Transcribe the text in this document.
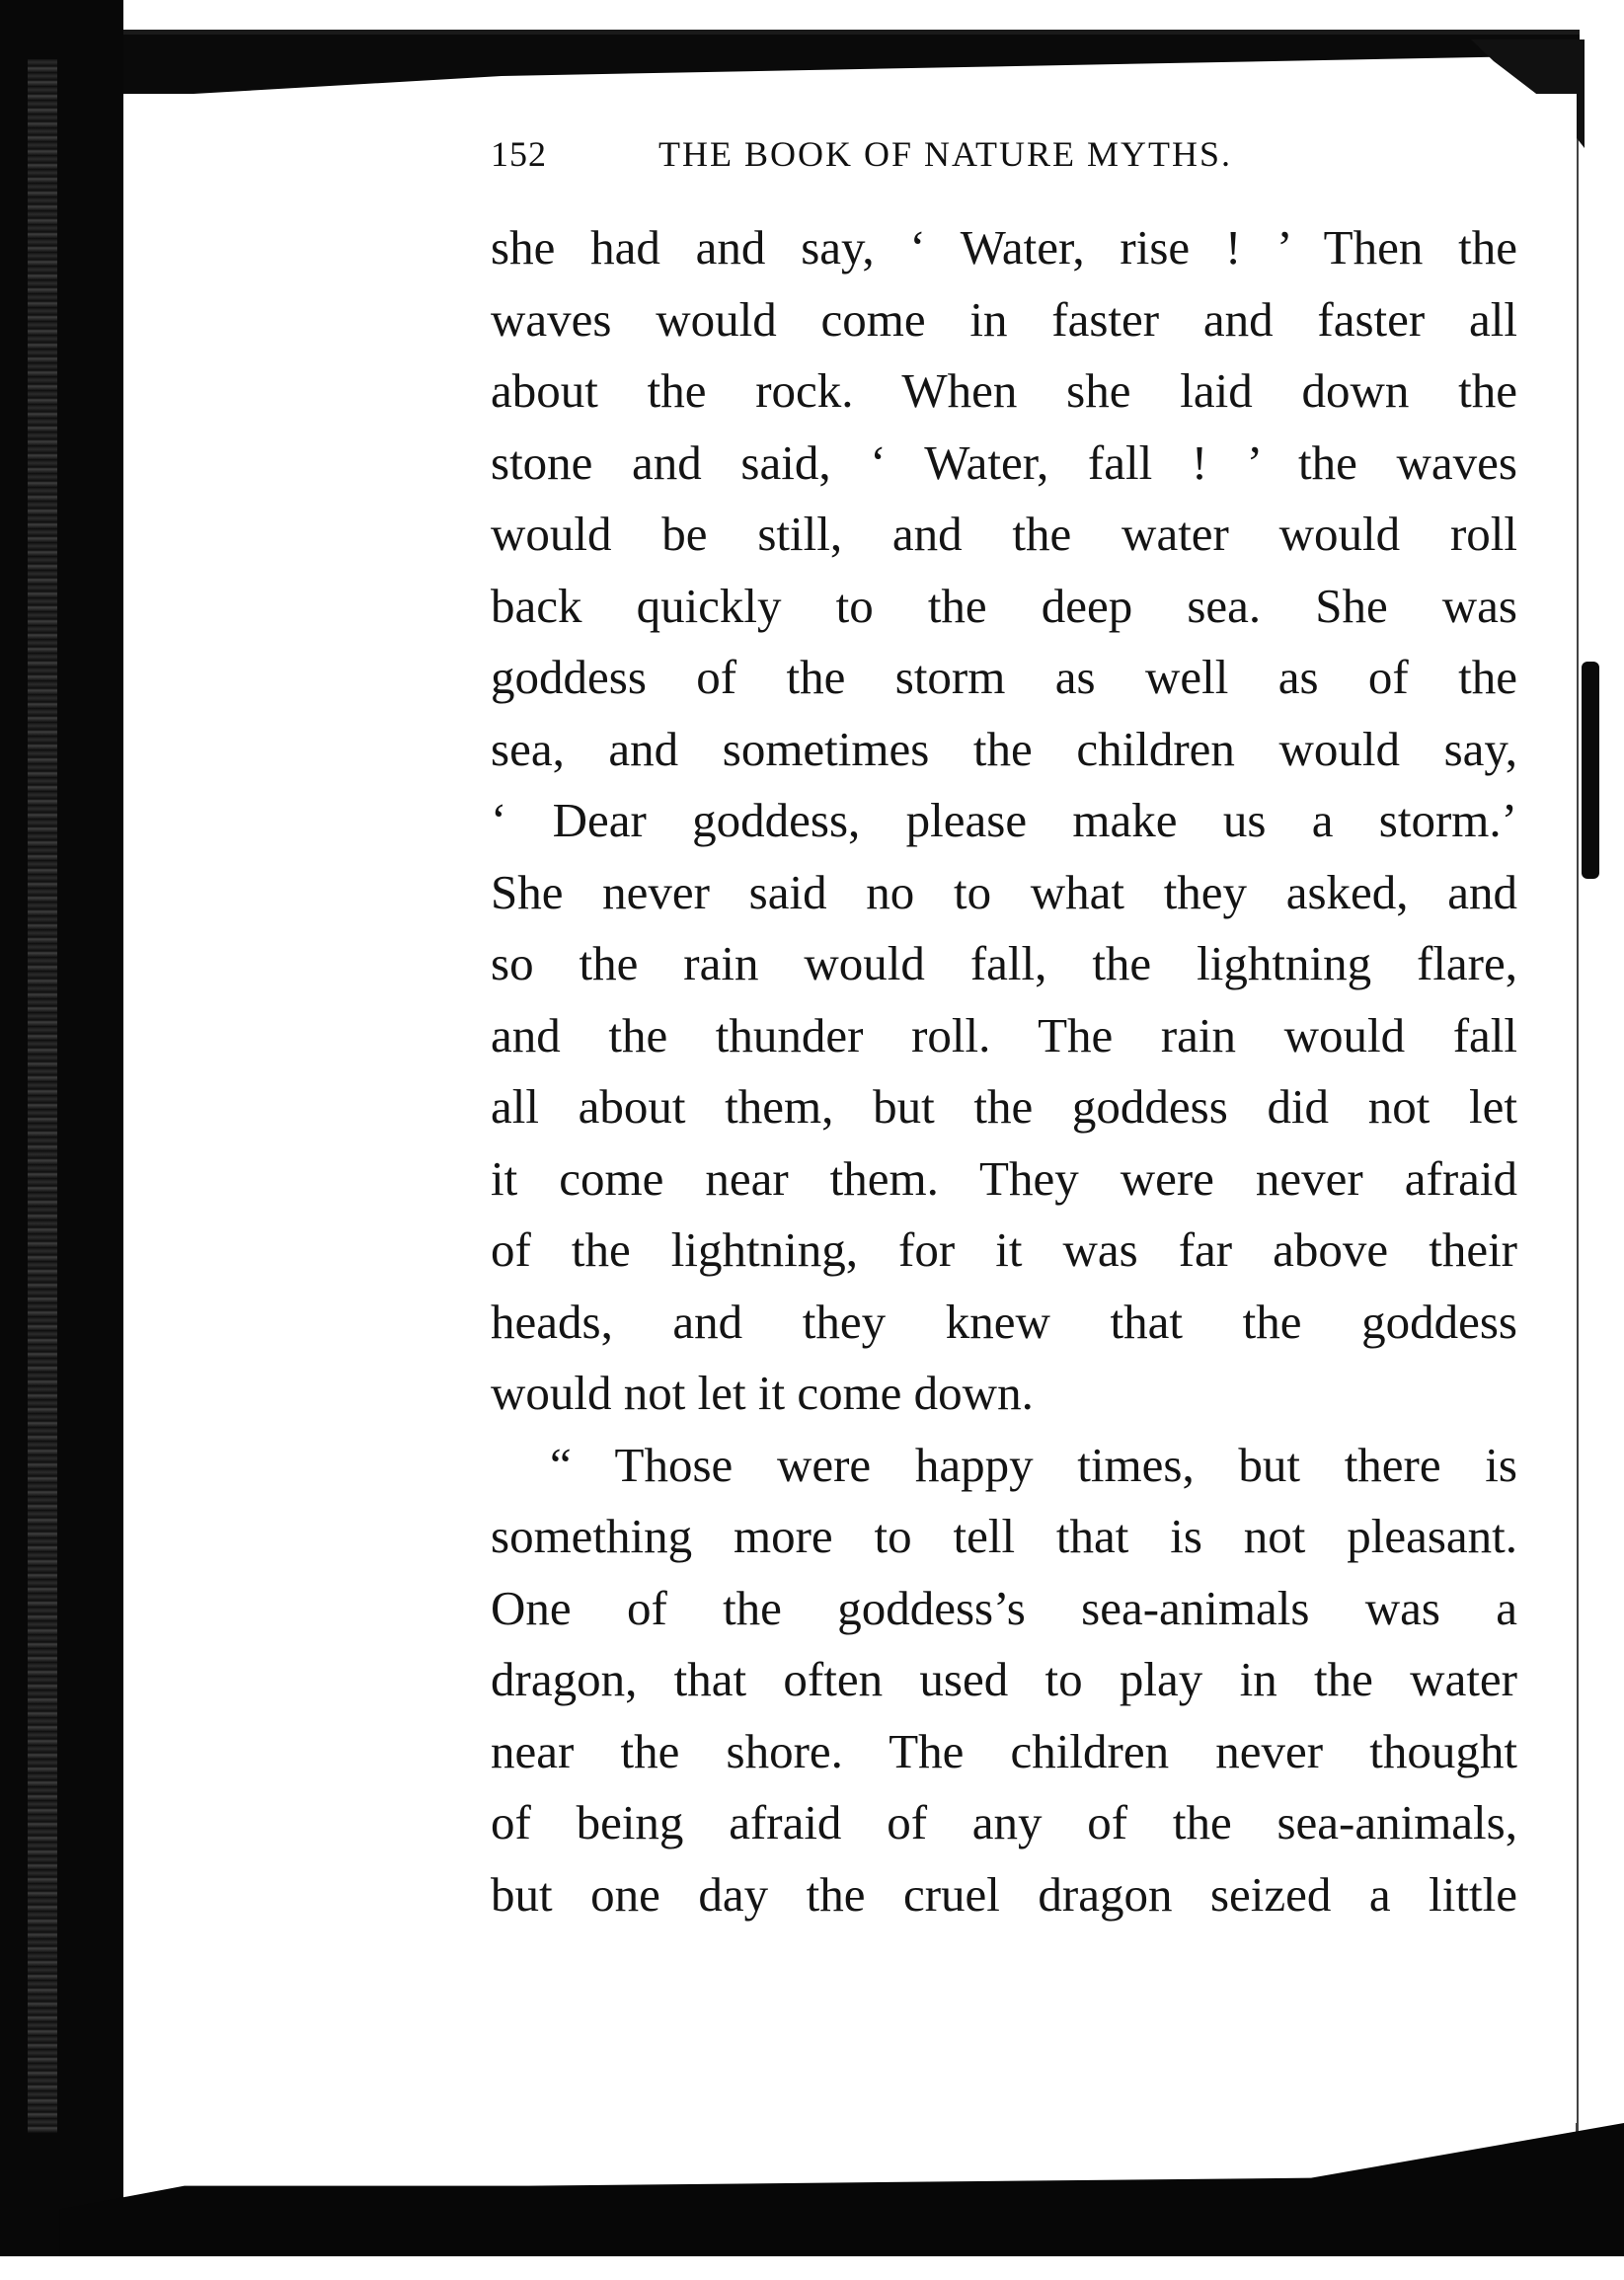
152	THE BOOK OF NATURE MYTHS.
she had and say, ‘ Water, rise ! ’ Then the
waves would come in faster and faster all
about the rock. When she laid down the
stone and said, ‘ Water, fall ! ’ the waves
would be still, and the water would roll
back quickly to the deep sea. She was
goddess of the storm as well as of the
sea, and sometimes the children would say,
‘ Dear goddess, please make us a storm.’
She never said no to what they asked, and
so the rain would fall, the lightning flare,
and the thunder roll. The rain would fall
all about them, but the goddess did not let
it come near them. They were never afraid
of the lightning, for it was far above their
heads, and they knew that the goddess
would not let it come down.
“ Those were happy times, but there is
something more to tell that is not pleasant.
One of the goddess’s sea-animals was a
dragon, that often used to play in the water
near the shore. The children never thought
of being afraid of any of the sea-animals,
but one day the cruel dragon seized a little
